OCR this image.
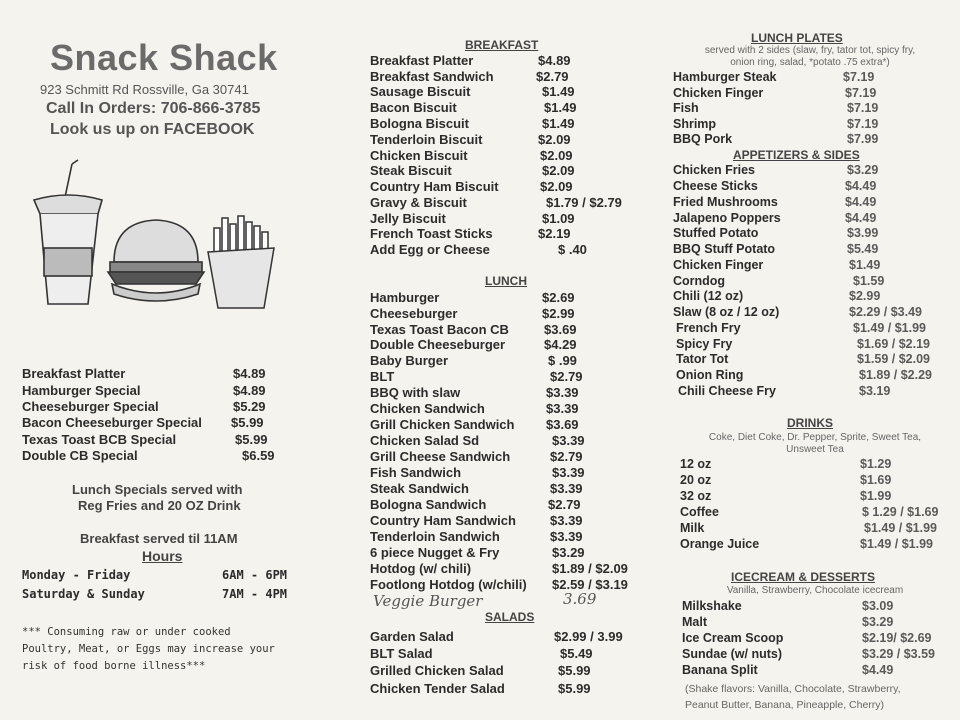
Snack Shack
923 Schmitt Rd Rossville, Ga 30741
Call In Orders: 706-866-3785
Look us up on FACEBOOK
Breakfast Platter	$4.89
Hamburger Special	$4.89
Cheeseburger Special	$5.29
Bacon Cheeseburger Special $5.99
Texas Toast BCB Special	$5.99
Double CB Special	$6.59
Lunch Specials served with
Reg Fries and 20 OZ Drink
Breakfast served til 11AM
Hours
Monday - Friday	6AM - 6PM
Saturday & Sunday	7AM - 4PM
*** Consuming raw or under cooked
Poultry, Meat, or Eggs may increase your
risk of food borne illness***
BREAKFAST
Breakfast Platter	$4.89
Breakfast Sandwich	$2.79
Sausage Biscuit	$1.49
Bacon Biscuit	$1.49
Bologna Biscuit	$1.49
Tenderloin Biscuit	$2.09
Chicken Biscuit	$2.09
Steak Biscuit	$2.09
Country Ham Biscuit	$2.09
Gravy & Biscuit	$1.79 / $2.79
Jelly Biscuit	$1.09
French Toast Sticks	$2.19
Add Egg or Cheese	$ .40
LUNCH
Hamburger	$2.69
Cheeseburger	$2.99
Texas Toast Bacon CB	$3.69
Double Cheeseburger	$4.29
Baby Burger	$ .99
BLT	$2.79
BBQ with slaw	$3.39
Chicken Sandwich	$3.39
Grill Chicken Sandwich $3.69
Chicken Salad Sd	$3.39
Grill Cheese Sandwich	$2.79
Fish Sandwich	$3.39
Steak Sandwich	$3.39
Bologna Sandwich	$2.79
Country Ham Sandwich	$3.39
Tenderloin Sandwich	$3.39
6 piece Nugget & Fry	$3.29
Hotdog (w/ chili)	$1.89 / $2.09
Footlong Hotdog (w/chili) $2.59 / $3.19
Veggie Burger	3.69
SALADS
Garden Salad	$2.99 / 3.99
BLT Salad	$5.49
Grilled Chicken Salad	$5.99
Chicken Tender Salad	$5.99
LUNCH PLATES
served with 2 sides (slaw, fry, tator tot, spicy fry,
onion ring, salad, *potato .75 extra*)
Hamburger Steak	$7.19
Chicken Finger	$7.19
Fish	$7.19
Shrimp	$7.19
BBQ Pork	$7.99
APPETIZERS & SIDES
Chicken Fries	$3.29
Cheese Sticks	$4.49
Fried Mushrooms	$4.49
Jalapeno Poppers	$4.49
Stuffed Potato	$3.99
BBQ Stuff Potato	$5.49
Chicken Finger	$1.49
Corndog	$1.59
Chili (12 oz)	$2.99
Slaw (8 oz / 12 oz)	$2.29 / $3.49
French Fry	$1.49 / $1.99
Spicy Fry	$1.69 / $2.19
Tator Tot	$1.59 / $2.09
Onion Ring	$1.89 / $2.29
Chili Cheese Fry	$3.19
DRINKS
Coke, Diet Coke, Dr. Pepper, Sprite, Sweet Tea,
Unsweet Tea
12 oz	$1.29
20 oz	$1.69
32 oz	$1.99
Coffee	$ 1.29 / $1.69
Milk	$1.49 / $1.99
Orange Juice	$1.49 / $1.99
ICECREAM & DESSERTS
Vanilla, Strawberry, Chocolate icecream
Milkshake	$3.09
Malt	$3.29
Ice Cream Scoop	$2.19/ $2.69
Sundae (w/ nuts)	$3.29 / $3.59
Banana Split	$4.49
(Shake flavors: Vanilla, Chocolate, Strawberry,
Peanut Butter, Banana, Pineapple, Cherry)
